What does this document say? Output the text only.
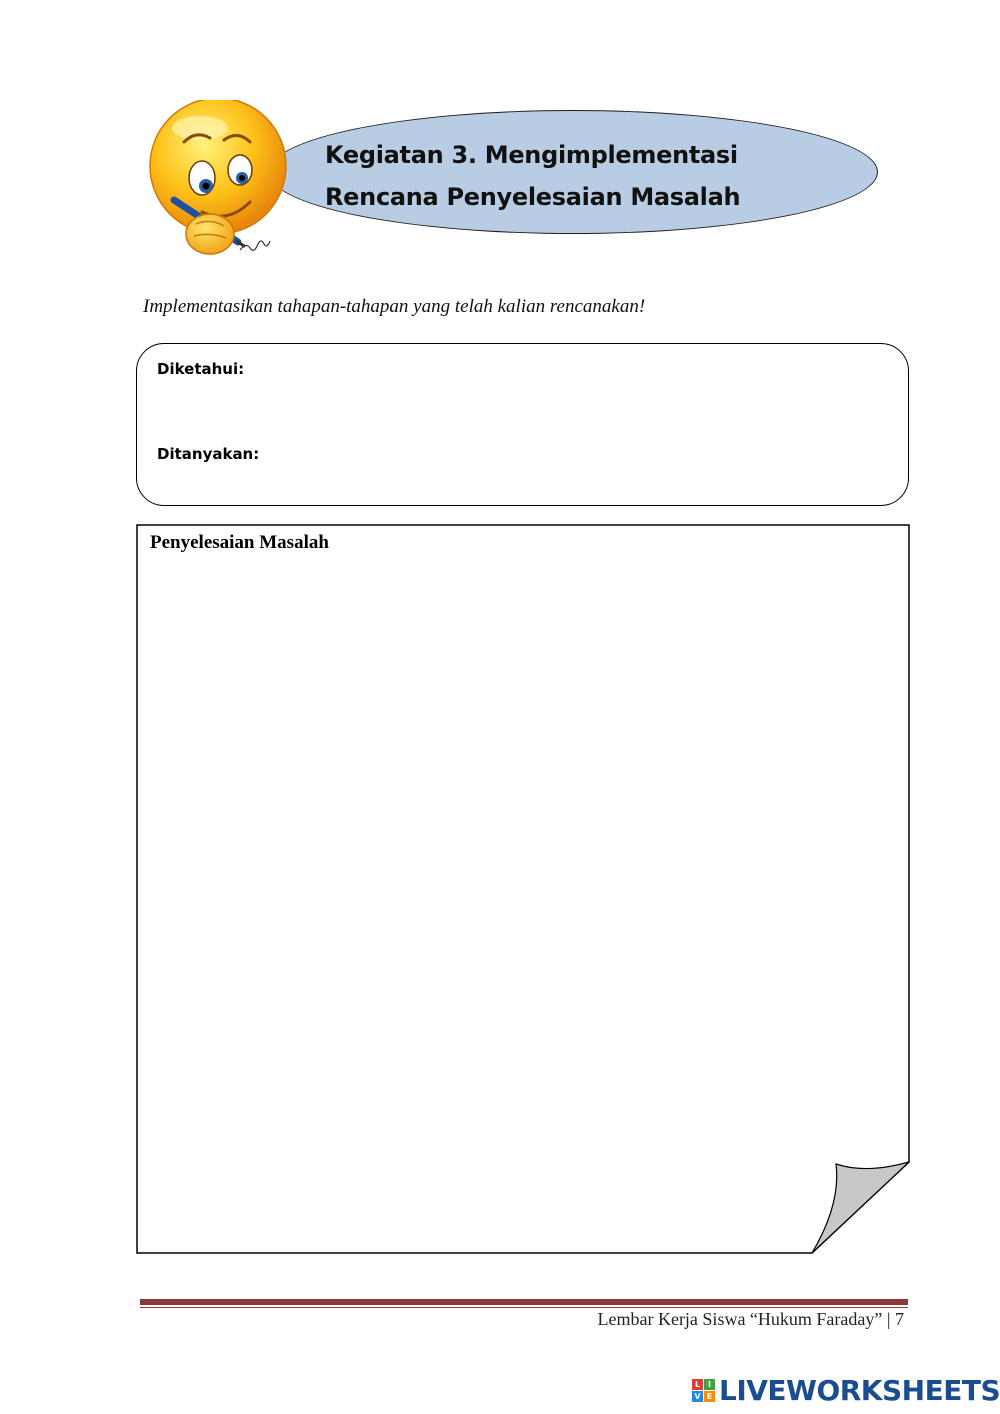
Kegiatan 3. Mengimplementasi
Rencana Penyelesaian Masalah
Implementasikan tahapan-tahapan yang telah kalian rencanakan!
Diketahui:
Ditanyakan:
Penyelesaian Masalah
Lembar Kerja Siswa “Hukum Faraday” | 7
L I
V E LIVEWORKSHEETS
